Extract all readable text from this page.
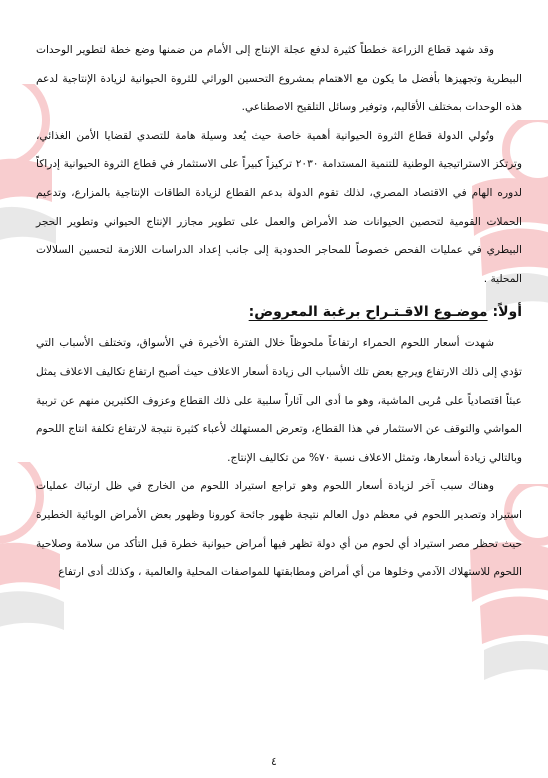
وقد شهد قطاع الزراعة خططاً كثيرة لدفع عجلة الإنتاج إلى الأمام من ضمنها وضع خطة لتطوير الوحدات البيطرية وتجهيزها بأفضل ما يكون مع الاهتمام بمشروع التحسين الوراثي للثروة الحيوانية لزيادة الإنتاجية لدعم هذه الوحدات بمختلف الأقاليم، وتوفير وسائل التلقيح الاصطناعي.

وتُولي الدولة قطاع الثروة الحيوانية أهمية خاصة حيث يُعد وسيلة هامة للتصدي لقضايا الأمن الغذائي، وترتكز الاستراتيجية الوطنية للتنمية المستدامة ٢٠٣٠ تركيزاً كبيراً على الاستثمار في قطاع الثروة الحيوانية إدراكاً لدوره الهام في الاقتصاد المصري، لذلك تقوم الدولة بدعم القطاع لزيادة الطاقات الإنتاجية بالمزارع، وتدعيم الحملات القومية لتحصين الحيوانات ضد الأمراض والعمل على تطوير مجازر الإنتاج الحيواني وتطوير الحجر البيطري في عمليات الفحص خصوصاً للمحاجر الحدودية إلى جانب إعداد الدراسات اللازمة لتحسين السلالات المحلية .

أولاً: موضـوع الاقـتـراح برغبة المعروض:

شهدت أسعار اللحوم الحمراء ارتفاعاً ملحوظاً خلال الفترة الأخيرة في الأسواق، وتختلف الأسباب التي تؤدي إلى ذلك الارتفاع ويرجع بعض تلك الأسباب الى زيادة أسعار الاعلاف حيث أصبح ارتفاع تكاليف الاعلاف يمثل عبئاً اقتصادياً على مُربى الماشية، وهو ما أدى الى آثاراً سلبية على ذلك القطاع وعزوف الكثيرين منهم عن تربية المواشي والتوقف عن الاستثمار في هذا القطاع، وتعرض المستهلك لأعباء كثيرة نتيجة لارتفاع تكلفة انتاج اللحوم وبالتالي زيادة أسعارها، وتمثل الاعلاف نسبة ٧٠% من تكاليف الإنتاج.

وهناك سبب آخر لزيادة أسعار اللحوم وهو تراجع استيراد اللحوم من الخارج في ظل ارتباك عمليات استيراد وتصدير اللحوم في معظم دول العالم نتيجة ظهور جائحة كورونا وظهور بعض الأمراض الوبائية الخطيرة حيث تحظر مصر استيراد أي لحوم من أي دولة تظهر فيها أمراض حيوانية خطرة قبل التأكد من سلامة وصلاحية اللحوم للاستهلاك الآدمي وخلوها من أي أمراض ومطابقتها للمواصفات المحلية والعالمية ، وكذلك أدى ارتفاع

٤
